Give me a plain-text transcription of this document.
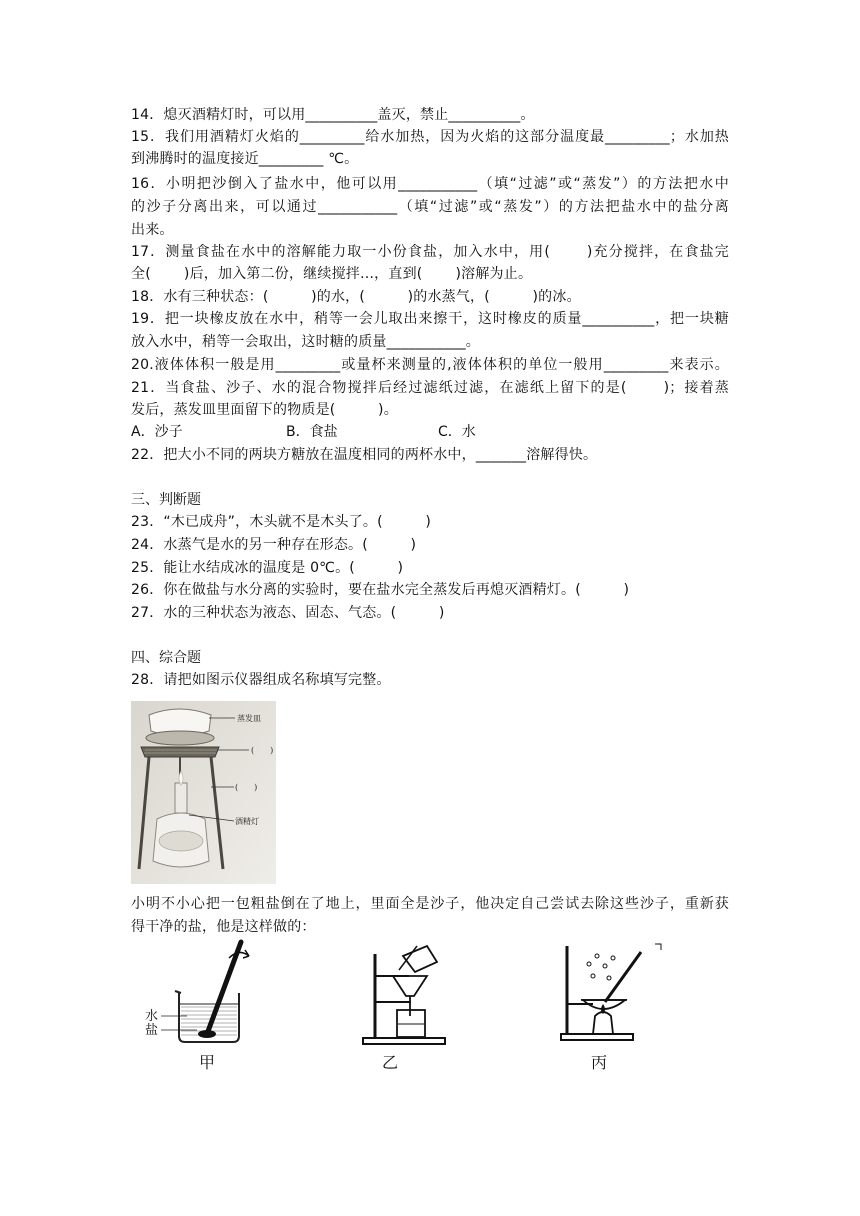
14．熄灭酒精灯时，可以用__________盖灭，禁止__________。
15．我们用酒精灯火焰的_________给水加热，因为火焰的这部分温度最_________；水加热
到沸腾时的温度接近_________ ℃。
16．小明把沙倒入了盐水中，他可以用___________（填“过滤”或“蒸发”）的方法把水中
的沙子分离出来，可以通过___________（填“过滤”或“蒸发”）的方法把盐水中的盐分离
出来。
17．测量食盐在水中的溶解能力取一小份食盐，加入水中，用(　　 )充分搅拌，在食盐完
全(　　 )后，加入第二份，继续搅拌…，直到(　　 )溶解为止。
18．水有三种状态：(　　　)的水，(　　　)的水蒸气，(　　　)的冰。
19．把一块橡皮放在水中，稍等一会儿取出来擦干，这时橡皮的质量__________，把一块糖
放入水中，稍等一会取出，这时糖的质量___________。
20.液体体积一般是用_________或量杯来测量的,液体体积的单位一般用_________来表示。
21．当食盐、沙子、水的混合物搅拌后经过滤纸过滤，在滤纸上留下的是(　　 )；接着蒸
发后，蒸发皿里面留下的物质是(　　　)。
A．沙子	B．食盐	C．水
22．把大小不同的两块方糖放在温度相同的两杯水中，_______溶解得快。
三、判断题
23．“木已成舟”，木头就不是木头了。(　　　)
24．水蒸气是水的另一种存在形态。(　　　)
25．能让水结成冰的温度是 0℃。(　　　)
26．你在做盐与水分离的实验时，要在盐水完全蒸发后再熄灭酒精灯。(　　　)
27．水的三种状态为液态、固态、气态。(　　　)
四、综合题
28．请把如图示仪器组成名称填写完整。
蒸发皿
(　　)
(　　)
酒精灯
小明不小心把一包粗盐倒在了地上，里面全是沙子，他决定自己尝试去除这些沙子，重新获
得干净的盐，他是这样做的：
水
盐
甲	乙	丙
